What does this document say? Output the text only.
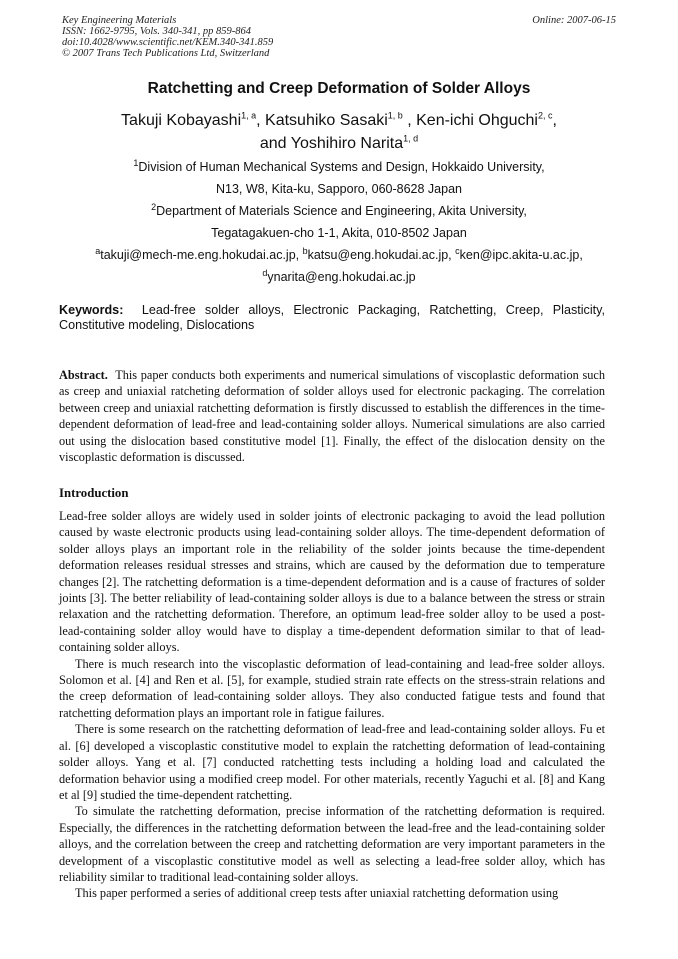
Key Engineering Materials
ISSN: 1662-9795, Vols. 340-341, pp 859-864
doi:10.4028/www.scientific.net/KEM.340-341.859
© 2007 Trans Tech Publications Ltd, Switzerland
Online: 2007-06-15
Ratchetting and Creep Deformation of Solder Alloys
Takuji Kobayashi$^{1, a}$, Katsuhiko Sasaki$^{1, b}$ , Ken-ichi Ohguchi$^{2, c}$,
and Yoshihiro Narita$^{1, d}$
$^1$Division of Human Mechanical Systems and Design, Hokkaido University,
N13, W8, Kita-ku, Sapporo, 060-8628 Japan
$^2$Department of Materials Science and Engineering, Akita University,
Tegatagakuen-cho 1-1, Akita, 010-8502 Japan
$^a$takuji@mech-me.eng.hokudai.ac.jp, $^b$katsu@eng.hokudai.ac.jp, $^c$ken@ipc.akita-u.ac.jp,
$^d$ynarita@eng.hokudai.ac.jp
Keywords: Lead-free solder alloys, Electronic Packaging, Ratchetting, Creep, Plasticity, Constitutive modeling, Dislocations
Abstract. This paper conducts both experiments and numerical simulations of viscoplastic deformation such as creep and uniaxial ratcheting deformation of solder alloys used for electronic packaging. The correlation between creep and uniaxial ratchetting deformation is firstly discussed to establish the differences in the time-dependent deformation of lead-free and lead-containing solder alloys. Numerical simulations are also carried out using the dislocation based constitutive model [1]. Finally, the effect of the dislocation density on the viscoplastic deformation is discussed.
Introduction

Lead-free solder alloys are widely used in solder joints of electronic packaging to avoid the lead pollution caused by waste electronic products using lead-containing solder alloys. The time-dependent deformation of solder alloys plays an important role in the reliability of the solder joints because the time-dependent deformation releases residual stresses and strains, which are caused by the deformation due to temperature changes [2]. The ratchetting deformation is a time-dependent deformation and is a cause of fractures of solder joints [3]. The better reliability of lead-containing solder alloys is due to a balance between the stress or strain relaxation and the ratchetting deformation. Therefore, an optimum lead-free solder alloy to be used a post-lead-containing solder alloy would have to display a time-dependent deformation similar to that of lead-containing solder alloys.

There is much research into the viscoplastic deformation of lead-containing and lead-free solder alloys. Solomon et al. [4] and Ren et al. [5], for example, studied strain rate effects on the stress-strain relations and the creep deformation of lead-containing solder alloys. They also conducted fatigue tests and found that ratchetting deformation plays an important role in fatigue failures.

There is some research on the ratchetting deformation of lead-free and lead-containing solder alloys. Fu et al. [6] developed a viscoplastic constitutive model to explain the ratchetting deformation of lead-containing solder alloys. Yang et al. [7] conducted ratchetting tests including a holding load and calculated the deformation behavior using a modified creep model. For other materials, recently Yaguchi et al. [8] and Kang et al [9] studied the time-dependent ratchetting.

To simulate the ratchetting deformation, precise information of the ratchetting deformation is required. Especially, the differences in the ratchetting deformation between the lead-free and the lead-containing solder alloys, and the correlation between the creep and ratchetting deformation are very important parameters in the development of a viscoplastic constitutive model as well as selecting a lead-free solder alloy, which has reliability similar to traditional lead-containing solder alloys.

This paper performed a series of additional creep tests after uniaxial ratchetting deformation using
